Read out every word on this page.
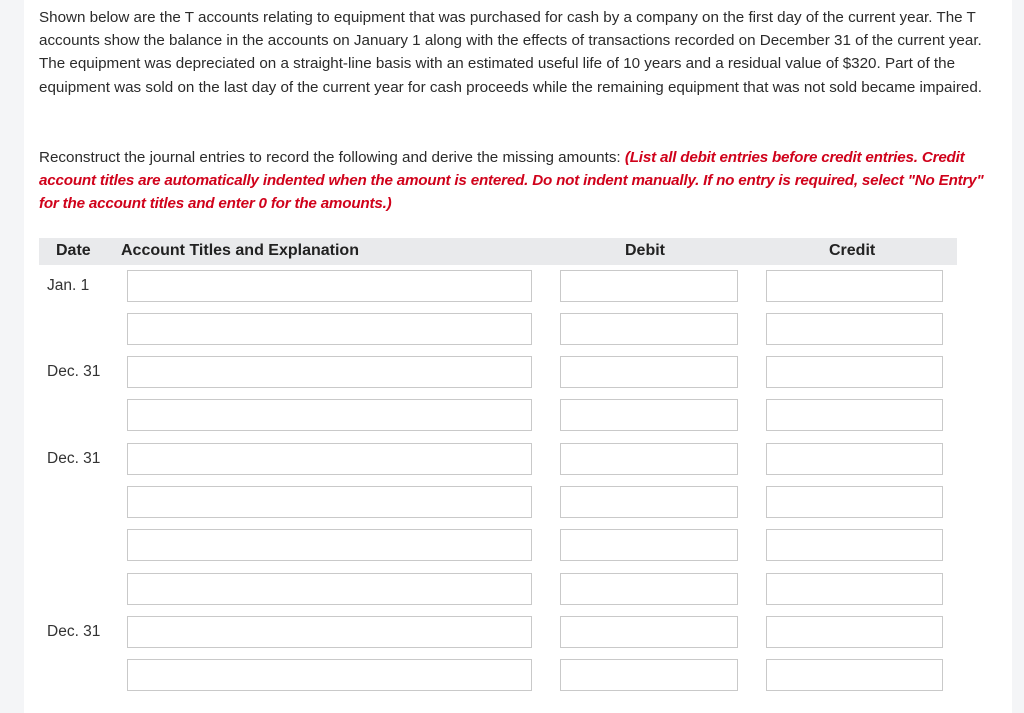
Shown below are the T accounts relating to equipment that was purchased for cash by a company on the first day of the current year. The T accounts show the balance in the accounts on January 1 along with the effects of transactions recorded on December 31 of the current year. The equipment was depreciated on a straight-line basis with an estimated useful life of 10 years and a residual value of $320. Part of the equipment was sold on the last day of the current year for cash proceeds while the remaining equipment that was not sold became impaired.

Reconstruct the journal entries to record the following and derive the missing amounts: (List all debit entries before credit entries. Credit account titles are automatically indented when the amount is entered. Do not indent manually. If no entry is required, select "No Entry" for the account titles and enter 0 for the amounts.)

Date Account Titles and Explanation	Debit	Credit
Jan. 1
Dec. 31
Dec. 31
Dec. 31
